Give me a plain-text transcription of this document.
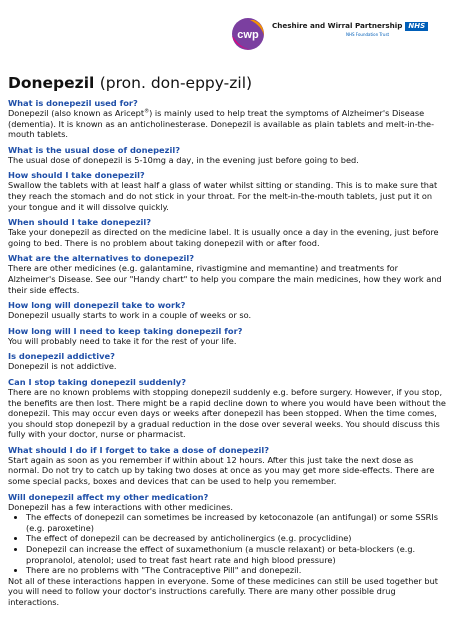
cwp
Cheshire and Wirral Partnership NHS
NHS Foundation Trust
Donepezil (pron. don-eppy-zil)
What is donepezil used for?

Donepezil (also known as Aricept®) is mainly used to help treat the symptoms of Alzheimer's Disease (dementia). It is known as an anticholinesterase. Donepezil is available as plain tablets and melt-in-the-mouth tablets.

What is the usual dose of donepezil?

The usual dose of donepezil is 5-10mg a day, in the evening just before going to bed.

How should I take donepezil?

Swallow the tablets with at least half a glass of water whilst sitting or standing. This is to make sure that they reach the stomach and do not stick in your throat. For the melt-in-the-mouth tablets, just put it on your tongue and it will dissolve quickly.

When should I take donepezil?

Take your donepezil as directed on the medicine label. It is usually once a day in the evening, just before going to bed. There is no problem about taking donepezil with or after food.

What are the alternatives to donepezil?

There are other medicines (e.g. galantamine, rivastigmine and memantine) and treatments for Alzheimer's Disease. See our "Handy chart" to help you compare the main medicines, how they work and their side effects.

How long will donepezil take to work?

Donepezil usually starts to work in a couple of weeks or so.

How long will I need to keep taking donepezil for?

You will probably need to take it for the rest of your life.

Is donepezil addictive?

Donepezil is not addictive.

Can I stop taking donepezil suddenly?

There are no known problems with stopping donepezil suddenly e.g. before surgery. However, if you stop, the benefits are then lost. There might be a rapid decline down to where you would have been without the donepezil. This may occur even days or weeks after donepezil has been stopped. When the time comes, you should stop donepezil by a gradual reduction in the dose over several weeks. You should discuss this fully with your doctor, nurse or pharmacist.

What should I do if I forget to take a dose of donepezil?

Start again as soon as you remember if within about 12 hours. After this just take the next dose as normal. Do not try to catch up by taking two doses at once as you may get more side-effects. There are some special packs, boxes and devices that can be used to help you remember.

Will donepezil affect my other medication?

Donepezil has a few interactions with other medicines.

• The effects of donepezil can sometimes be increased by ketoconazole (an antifungal) or some SSRIs (e.g. paroxetine)
• The effect of donepezil can be decreased by anticholinergics (e.g. procyclidine)
• Donepezil can increase the effect of suxamethonium (a muscle relaxant) or beta-blockers (e.g. propranolol, atenolol; used to treat fast heart rate and high blood pressure)
• There are no problems with "The Contraceptive Pill" and donepezil.

Not all of these interactions happen in everyone. Some of these medicines can still be used together but you will need to follow your doctor's instructions carefully. There are many other possible drug interactions.
